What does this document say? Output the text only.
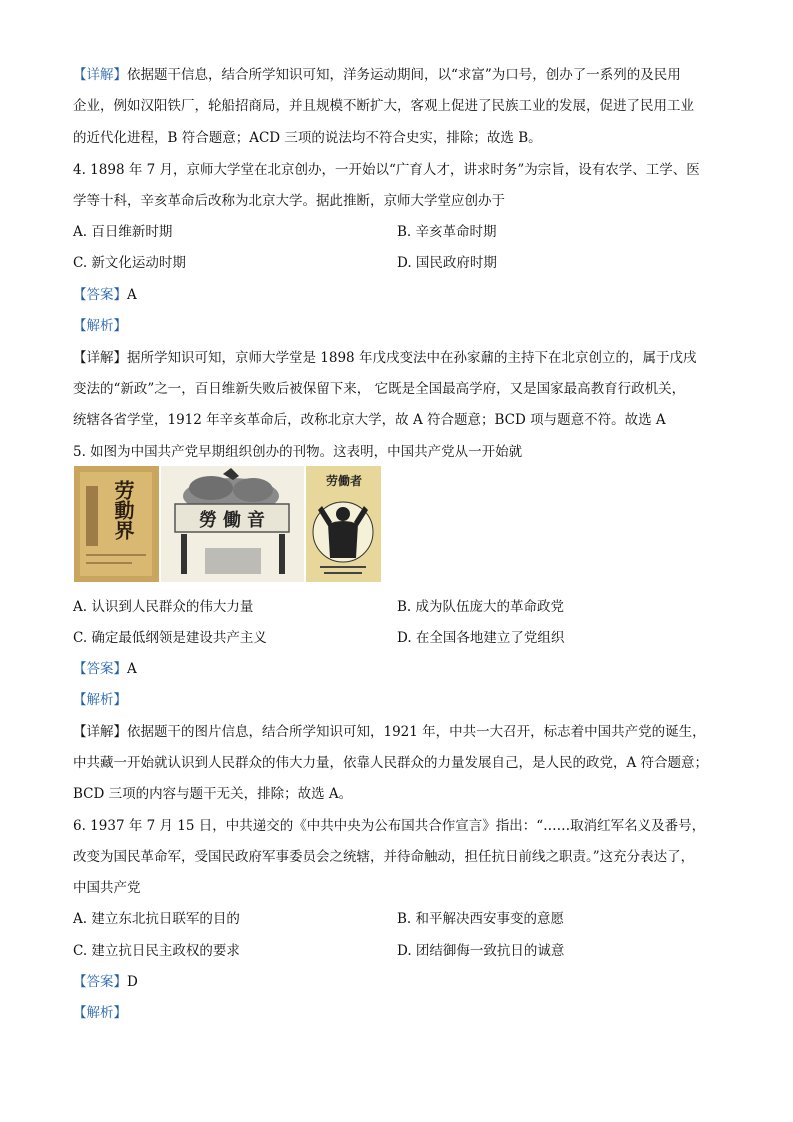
【详解】依据题干信息，结合所学知识可知，洋务运动期间，以“求富”为口号，创办了一系列的及民用
企业，例如汉阳铁厂，轮船招商局，并且规模不断扩大，客观上促进了民族工业的发展，促进了民用工业
的近代化进程，B 符合题意；ACD 三项的说法均不符合史实，排除；故选 B。
4. 1898 年 7 月，京师大学堂在北京创办，一开始以“广育人才，讲求时务”为宗旨，设有农学、工学、医
学等十科，辛亥革命后改称为北京大学。据此推断，京师大学堂应创办于
A. 百日维新时期	B. 辛亥革命时期
C. 新文化运动时期	D. 国民政府时期
【答案】A
【解析】
【详解】据所学知识可知，京师大学堂是 1898 年戊戌变法中在孙家鼐的主持下在北京创立的，属于戊戌
变法的“新政”之一，百日维新失败后被保留下来， 它既是全国最高学府，又是国家最高教育行政机关，
统辖各省学堂，1912 年辛亥革命后，改称北京大学，故 A 符合题意；BCD 项与题意不符。故选 A
5. 如图为中国共产党早期组织创办的刊物。这表明，中国共产党从一开始就
劳動界	勞働音
劳働者
A. 认识到人民群众的伟大力量	B. 成为队伍庞大的革命政党
C. 确定最低纲领是建设共产主义	D. 在全国各地建立了党组织
【答案】A
【解析】
【详解】依据题干的图片信息，结合所学知识可知，1921 年，中共一大召开，标志着中国共产党的诞生，
中共藏一开始就认识到人民群众的伟大力量，依靠人民群众的力量发展自己，是人民的政党，A 符合题意；
BCD 三项的内容与题干无关，排除；故选 A。
6. 1937 年 7 月 15 日，中共递交的《中共中央为公布国共合作宣言》指出：“……取消红军名义及番号，
改变为国民革命军，受国民政府军事委员会之统辖，并待命触动，担任抗日前线之职责。”这充分表达了，
中国共产党
A. 建立东北抗日联军的目的	B. 和平解决西安事变的意愿
C. 建立抗日民主政权的要求	D. 团结御侮一致抗日的诚意
【答案】D
【解析】
